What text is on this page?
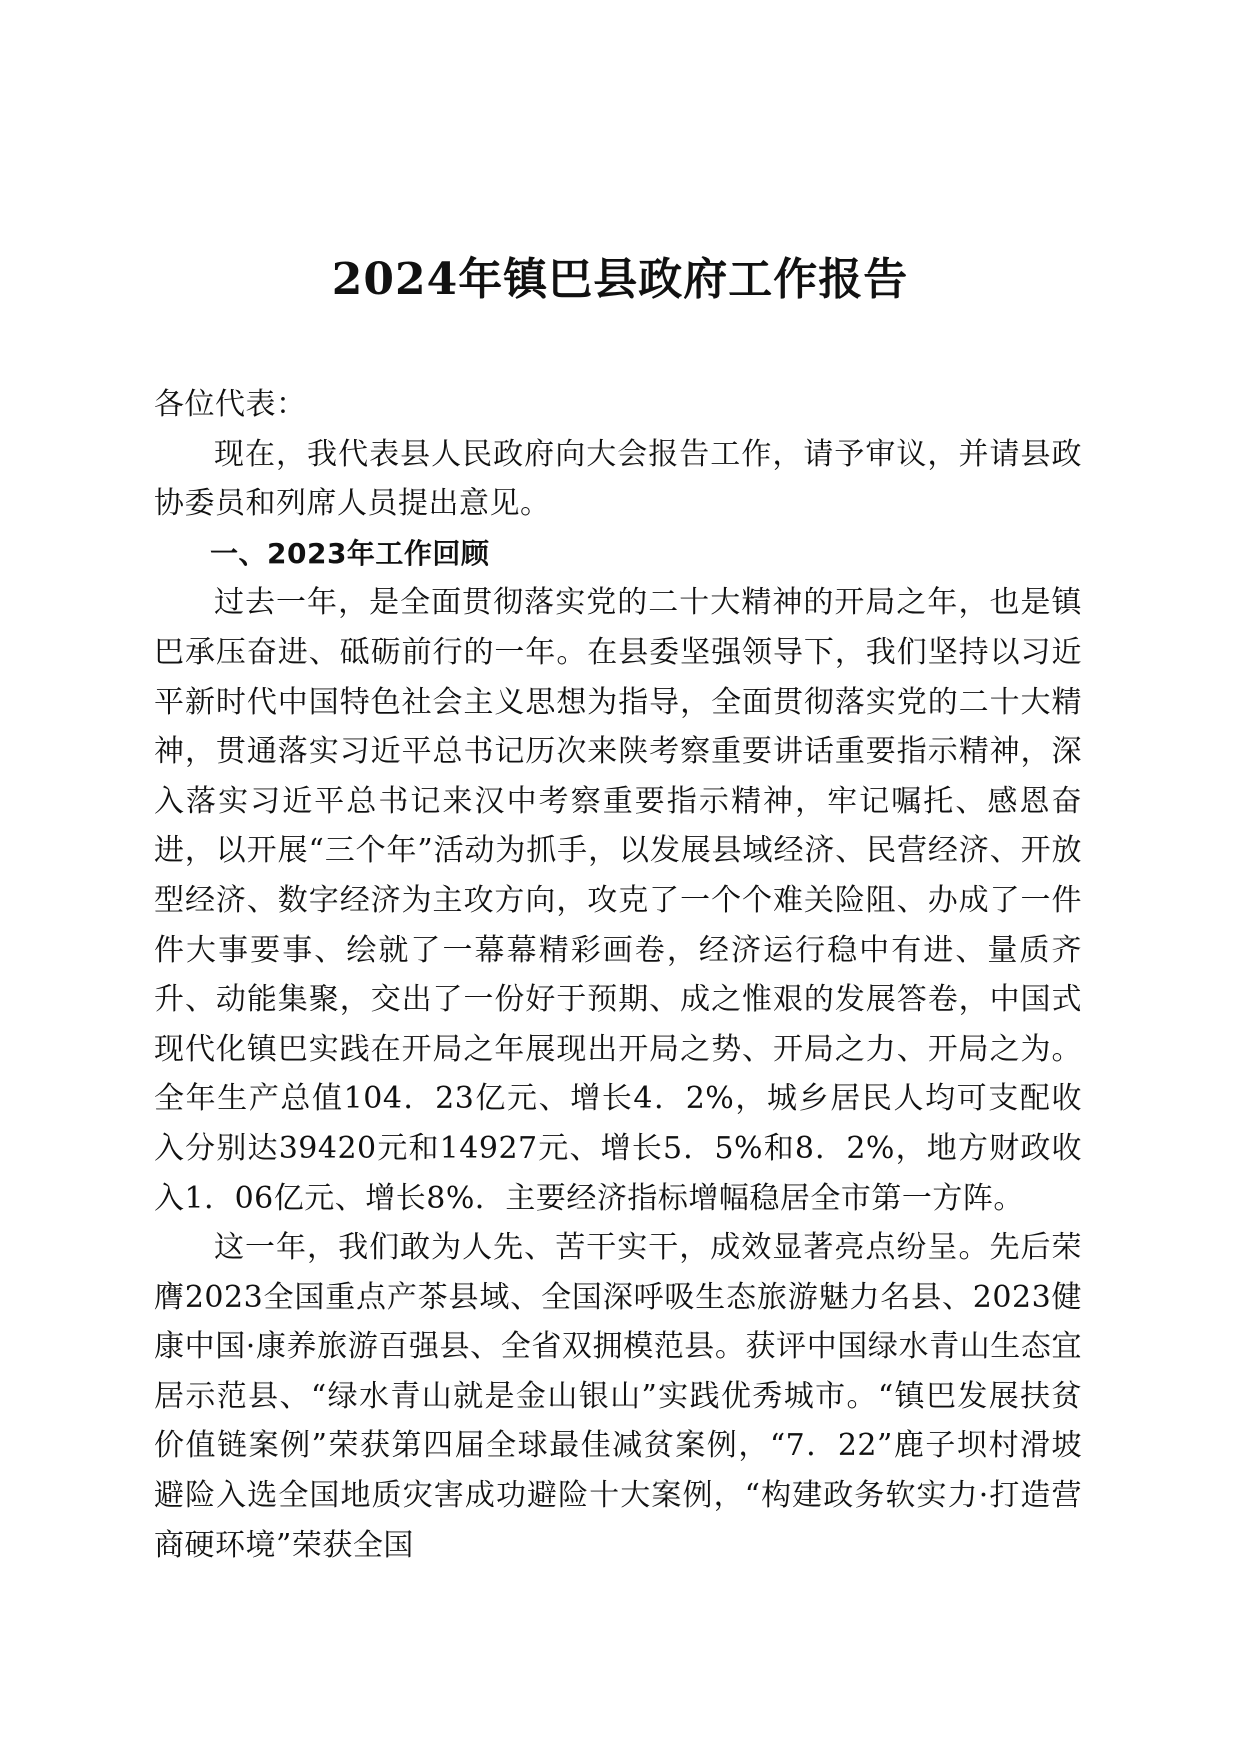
2024年镇巴县政府工作报告

各位代表：

现在，我代表县人民政府向大会报告工作，请予审议，并请县政协委员和列席人员提出意见。

一、2023年工作回顾

过去一年，是全面贯彻落实党的二十大精神的开局之年，也是镇巴承压奋进、砥砺前行的一年。在县委坚强领导下，我们坚持以习近平新时代中国特色社会主义思想为指导，全面贯彻落实党的二十大精神，贯通落实习近平总书记历次来陕考察重要讲话重要指示精神，深入落实习近平总书记来汉中考察重要指示精神，牢记嘱托、感恩奋进，以开展“三个年”活动为抓手，以发展县域经济、民营经济、开放型经济、数字经济为主攻方向，攻克了一个个难关险阻、办成了一件件大事要事、绘就了一幕幕精彩画卷，经济运行稳中有进、量质齐升、动能集聚，交出了一份好于预期、成之惟艰的发展答卷，中国式现代化镇巴实践在开局之年展现出开局之势、开局之力、开局之为。全年生产总值104．23亿元、增长4．2%，城乡居民人均可支配收入分别达39420元和14927元、增长5．5%和8．2%，地方财政收入1．06亿元、增长8%．主要经济指标增幅稳居全市第一方阵。

这一年，我们敢为人先、苦干实干，成效显著亮点纷呈。先后荣膺2023全国重点产茶县域、全国深呼吸生态旅游魅力名县、2023健康中国·康养旅游百强县、全省双拥模范县。获评中国绿水青山生态宜居示范县、“绿水青山就是金山银山”实践优秀城市。“镇巴发展扶贫价值链案例”荣获第四届全球最佳减贫案例，“7．22”鹿子坝村滑坡避险入选全国地质灾害成功避险十大案例，“构建政务软实力·打造营商硬环境”荣获全国
